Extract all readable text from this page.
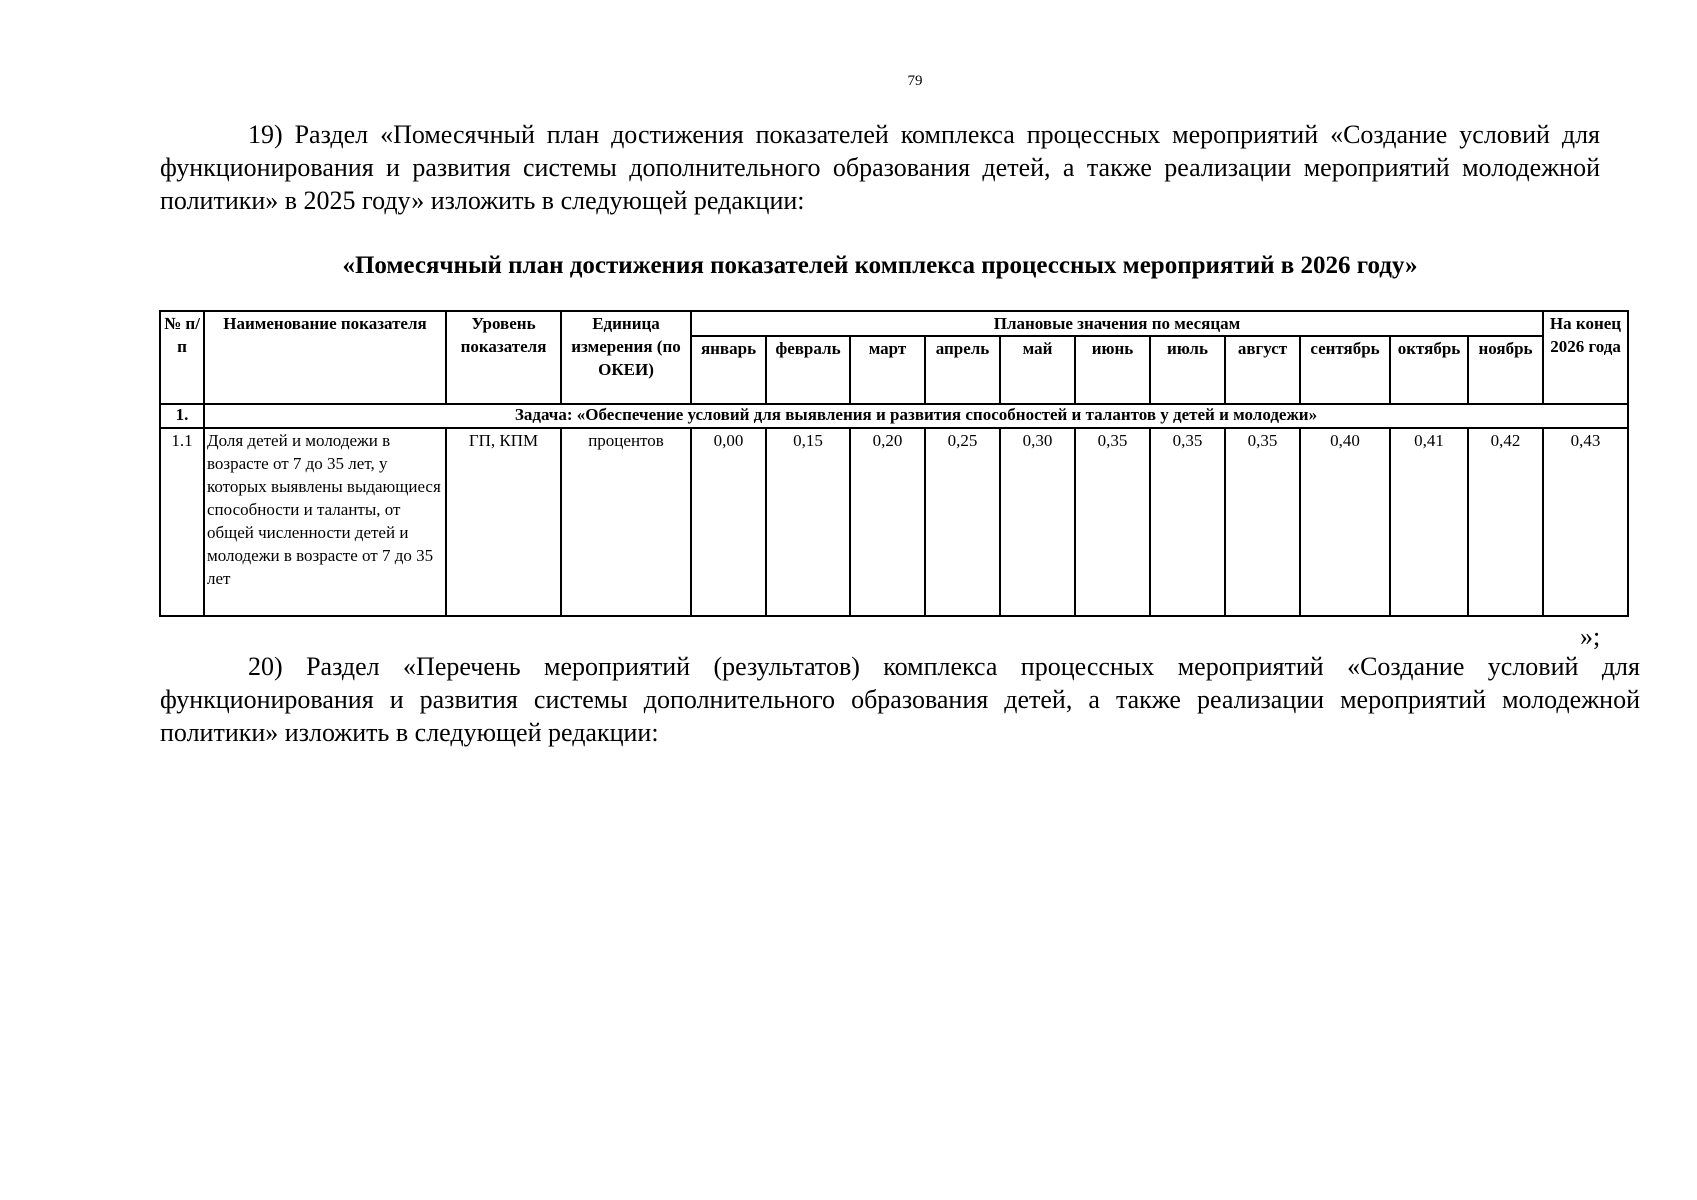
79

19) Раздел «Помесячный план достижения показателей комплекса процессных мероприятий «Создание условий для функционирования и развития системы дополнительного образования детей, а также реализации мероприятий молодежной политики» в 2025 году» изложить в следующей редакции:

«Помесячный план достижения показателей комплекса процессных мероприятий в 2026 году»
№ п/п	Наименование показателя	Уровень показателя	Единица измерения (по ОКЕИ)	Плановые значения по месяцам											На конец 2026 года
				январь	февраль	март	апрель	май	июнь	июль	август	сентябрь	октябрь	ноябрь	
1.	Задача: «Обеспечение условий для выявления и развития способностей и талантов у детей и молодежи»														
1.1	Доля детей и молодежи в возрасте от 7 до 35 лет, у которых выявлены выдающиеся способности и таланты, от общей численности детей и молодежи в возрасте от 7 до 35 лет	ГП, КПМ	процентов	0,00	0,15	0,20	0,25	0,30	0,35	0,35	0,35	0,40	0,41	0,42	0,43
»;

20) Раздел «Перечень мероприятий (результатов) комплекса процессных мероприятий «Создание условий для функционирования и развития системы дополнительного образования детей, а также реализации мероприятий молодежной политики» изложить в следующей редакции:
